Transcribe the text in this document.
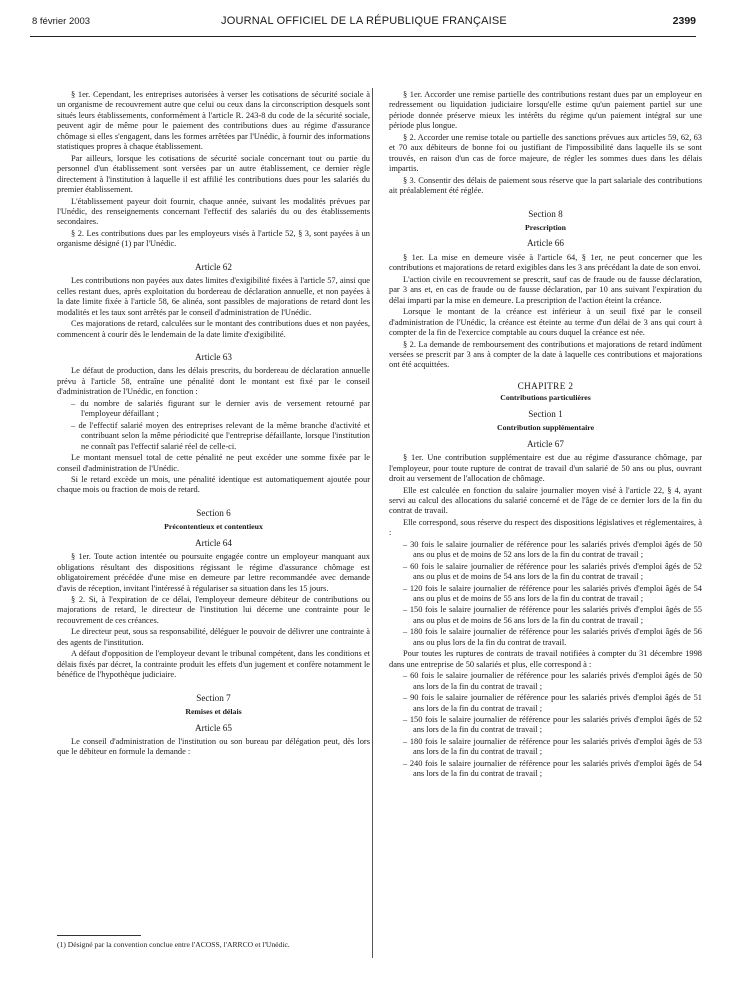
8 février 2003	JOURNAL OFFICIEL DE LA RÉPUBLIQUE FRANÇAISE	2399

§ 1er. Cependant, les entreprises autorisées à verser les cotisations de sécurité sociale à un organisme de recouvrement autre que celui ou ceux dans la circonscription desquels sont situés leurs établissements, conformément à l'article R. 243-8 du code de la sécurité sociale, peuvent agir de même pour le paiement des contributions dues au régime d'assurance chômage si elles s'engagent, dans les formes arrêtées par l'Unédic, à fournir des informations statistiques propres à chaque établissement.

Par ailleurs, lorsque les cotisations de sécurité sociale concernant tout ou partie du personnel d'un établissement sont versées par un autre établissement, ce dernier règle directement à l'institution à laquelle il est affilié les contributions dues pour les salariés du premier établissement.

L'établissement payeur doit fournir, chaque année, suivant les modalités prévues par l'Unédic, des renseignements concernant l'effectif des salariés du ou des établissements secondaires.

§ 2. Les contributions dues par les employeurs visés à l'article 52, § 3, sont payées à un organisme désigné (1) par l'Unédic.

Article 62

Les contributions non payées aux dates limites d'exigibilité fixées à l'article 57, ainsi que celles restant dues, après exploitation du bordereau de déclaration annuelle, et non payées à la date limite fixée à l'article 58, 6e alinéa, sont passibles de majorations de retard dont les modalités et les taux sont arrêtés par le conseil d'administration de l'Unédic.

Ces majorations de retard, calculées sur le montant des contributions dues et non payées, commencent à courir dès le lendemain de la date limite d'exigibilité.

Article 63

Le défaut de production, dans les délais prescrits, du bordereau de déclaration annuelle prévu à l'article 58, entraîne une pénalité dont le montant est fixé par le conseil d'administration de l'Unédic, en fonction :

– du nombre de salariés figurant sur le dernier avis de versement retourné par l'employeur défaillant ;
– de l'effectif salarié moyen des entreprises relevant de la même branche d'activité et contribuant selon la même périodicité que l'entreprise défaillante, lorsque l'institution ne connaît pas l'effectif salarié réel de celle-ci.

Le montant mensuel total de cette pénalité ne peut excéder une somme fixée par le conseil d'administration de l'Unédic.

Si le retard excède un mois, une pénalité identique est automatiquement ajoutée pour chaque mois ou fraction de mois de retard.

Section 6
Précontentieux et contentieux
Article 64

§ 1er. Toute action intentée ou poursuite engagée contre un employeur manquant aux obligations résultant des dispositions régissant le régime d'assurance chômage est obligatoirement précédée d'une mise en demeure par lettre recommandée avec demande d'avis de réception, invitant l'intéressé à régulariser sa situation dans les 15 jours.

§ 2. Si, à l'expiration de ce délai, l'employeur demeure débiteur de contributions ou majorations de retard, le directeur de l'institution lui décerne une contrainte pour le recouvrement de ces créances.

Le directeur peut, sous sa responsabilité, déléguer le pouvoir de délivrer une contrainte à des agents de l'institution.

A défaut d'opposition de l'employeur devant le tribunal compétent, dans les conditions et délais fixés par décret, la contrainte produit les effets d'un jugement et confère notamment le bénéfice de l'hypothèque judiciaire.

Section 7
Remises et délais
Article 65

Le conseil d'administration de l'institution ou son bureau par délégation peut, dès lors que le débiteur en formule la demande :

§ 1er. Accorder une remise partielle des contributions restant dues par un employeur en redressement ou liquidation judiciaire lorsqu'elle estime qu'un paiement partiel sur une période donnée préserve mieux les intérêts du régime qu'un paiement intégral sur une période plus longue.

§ 2. Accorder une remise totale ou partielle des sanctions prévues aux articles 59, 62, 63 et 70 aux débiteurs de bonne foi ou justifiant de l'impossibilité dans laquelle ils se sont trouvés, en raison d'un cas de force majeure, de régler les sommes dues dans les délais impartis.

§ 3. Consentir des délais de paiement sous réserve que la part salariale des contributions ait préalablement été réglée.

Section 8
Prescription
Article 66

§ 1er. La mise en demeure visée à l'article 64, § 1er, ne peut concerner que les contributions et majorations de retard exigibles dans les 3 ans précédant la date de son envoi.

L'action civile en recouvrement se prescrit, sauf cas de fraude ou de fausse déclaration, par 3 ans et, en cas de fraude ou de fausse déclaration, par 10 ans suivant l'expiration du délai imparti par la mise en demeure. La prescription de l'action éteint la créance.

Lorsque le montant de la créance est inférieur à un seuil fixé par le conseil d'administration de l'Unédic, la créance est éteinte au terme d'un délai de 3 ans qui court à compter de la fin de l'exercice comptable au cours duquel la créance est née.

§ 2. La demande de remboursement des contributions et majorations de retard indûment versées se prescrit par 3 ans à compter de la date à laquelle ces contributions et majorations ont été acquittées.

CHAPITRE 2
Contributions particulières
Section 1
Contribution supplémentaire
Article 67

§ 1er. Une contribution supplémentaire est due au régime d'assurance chômage, par l'employeur, pour toute rupture de contrat de travail d'un salarié de 50 ans ou plus, ouvrant droit au versement de l'allocation de chômage.

Elle est calculée en fonction du salaire journalier moyen visé à l'article 22, § 4, ayant servi au calcul des allocations du salarié concerné et de l'âge de ce dernier lors de la fin du contrat de travail.

Elle correspond, sous réserve du respect des dispositions législatives et réglementaires, à :

– 30 fois le salaire journalier de référence pour les salariés privés d'emploi âgés de 50 ans ou plus et de moins de 52 ans lors de la fin du contrat de travail ;
– 60 fois le salaire journalier de référence pour les salariés privés d'emploi âgés de 52 ans ou plus et de moins de 54 ans lors de la fin du contrat de travail ;
– 120 fois le salaire journalier de référence pour les salariés privés d'emploi âgés de 54 ans ou plus et de moins de 55 ans lors de la fin du contrat de travail ;
– 150 fois le salaire journalier de référence pour les salariés privés d'emploi âgés de 55 ans ou plus et de moins de 56 ans lors de la fin du contrat de travail ;
– 180 fois le salaire journalier de référence pour les salariés privés d'emploi âgés de 56 ans ou plus lors de la fin du contrat de travail.

Pour toutes les ruptures de contrats de travail notifiées à compter du 31 décembre 1998 dans une entreprise de 50 salariés et plus, elle correspond à :

– 60 fois le salaire journalier de référence pour les salariés privés d'emploi âgés de 50 ans lors de la fin du contrat de travail ;
– 90 fois le salaire journalier de référence pour les salariés privés d'emploi âgés de 51 ans lors de la fin du contrat de travail ;
– 150 fois le salaire journalier de référence pour les salariés privés d'emploi âgés de 52 ans lors de la fin du contrat de travail ;
– 180 fois le salaire journalier de référence pour les salariés privés d'emploi âgés de 53 ans lors de la fin du contrat de travail ;
– 240 fois le salaire journalier de référence pour les salariés privés d'emploi âgés de 54 ans lors de la fin du contrat de travail ;
(1) Désigné par la convention conclue entre l'ACOSS, l'ARRCO et l'Unédic.
